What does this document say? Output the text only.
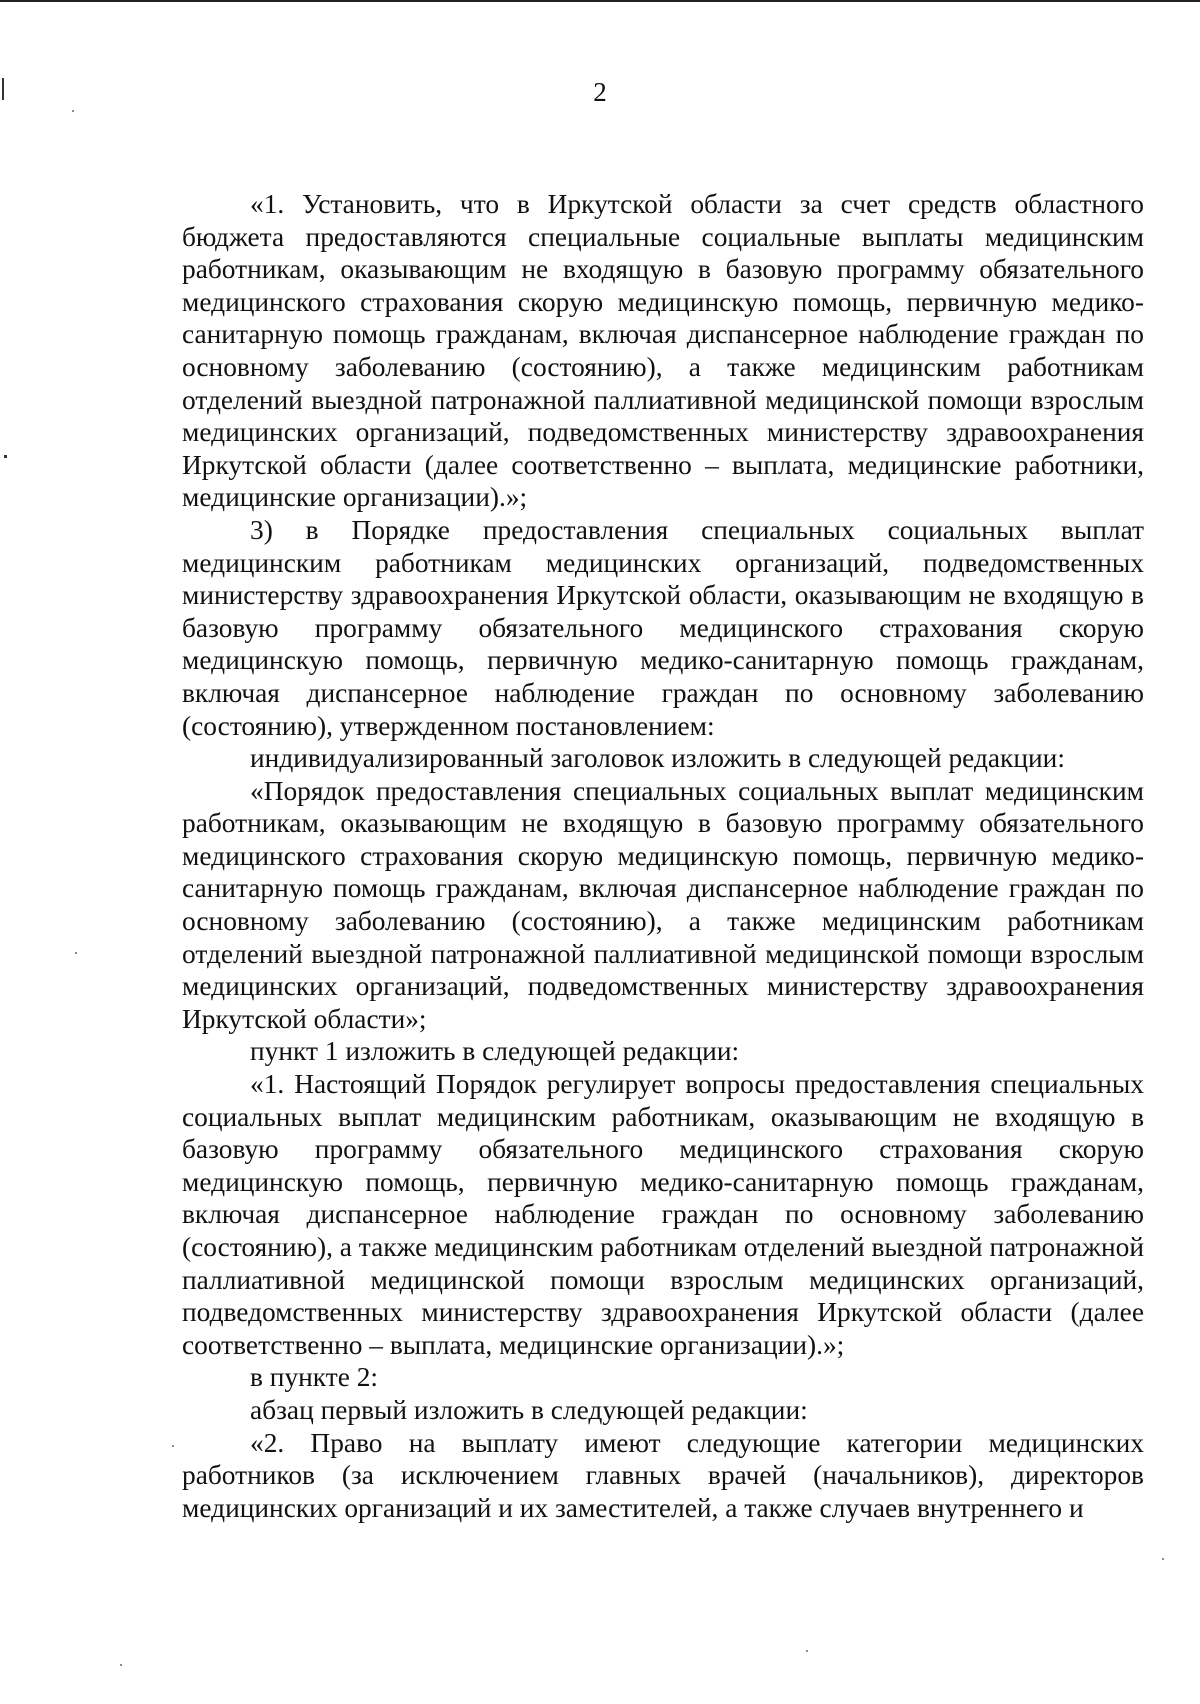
2

«1. Установить, что в Иркутской области за счет средств областного бюджета предоставляются специальные социальные выплаты медицинским работникам, оказывающим не входящую в базовую программу обязательного медицинского страхования скорую медицинскую помощь, первичную медико-санитарную помощь гражданам, включая диспансерное наблюдение граждан по основному заболеванию (состоянию), а также медицинским работникам отделений выездной патронажной паллиативной медицинской помощи взрослым медицинских организаций, подведомственных министерству здравоохранения Иркутской области (далее соответственно – выплата, медицинские работники, медицинские организации).»;

3) в Порядке предоставления специальных социальных выплат медицинским работникам медицинских организаций, подведомственных министерству здравоохранения Иркутской области, оказывающим не входящую в базовую программу обязательного медицинского страхования скорую медицинскую помощь, первичную медико-санитарную помощь гражданам, включая диспансерное наблюдение граждан по основному заболеванию (состоянию), утвержденном постановлением:

индивидуализированный заголовок изложить в следующей редакции:

«Порядок предоставления специальных социальных выплат медицинским работникам, оказывающим не входящую в базовую программу обязательного медицинского страхования скорую медицинскую помощь, первичную медико-санитарную помощь гражданам, включая диспансерное наблюдение граждан по основному заболеванию (состоянию), а также медицинским работникам отделений выездной патронажной паллиативной медицинской помощи взрослым медицинских организаций, подведомственных министерству здравоохранения Иркутской области»;

пункт 1 изложить в следующей редакции:

«1. Настоящий Порядок регулирует вопросы предоставления специальных социальных выплат медицинским работникам, оказывающим не входящую в базовую программу обязательного медицинского страхования скорую медицинскую помощь, первичную медико-санитарную помощь гражданам, включая диспансерное наблюдение граждан по основному заболеванию (состоянию), а также медицинским работникам отделений выездной патронажной паллиативной медицинской помощи взрослым медицинских организаций, подведомственных министерству здравоохранения Иркутской области (далее соответственно – выплата, медицинские организации).»;

в пункте 2:

абзац первый изложить в следующей редакции:

«2. Право на выплату имеют следующие категории медицинских работников (за исключением главных врачей (начальников), директоров медицинских организаций и их заместителей, а также случаев внутреннего и
